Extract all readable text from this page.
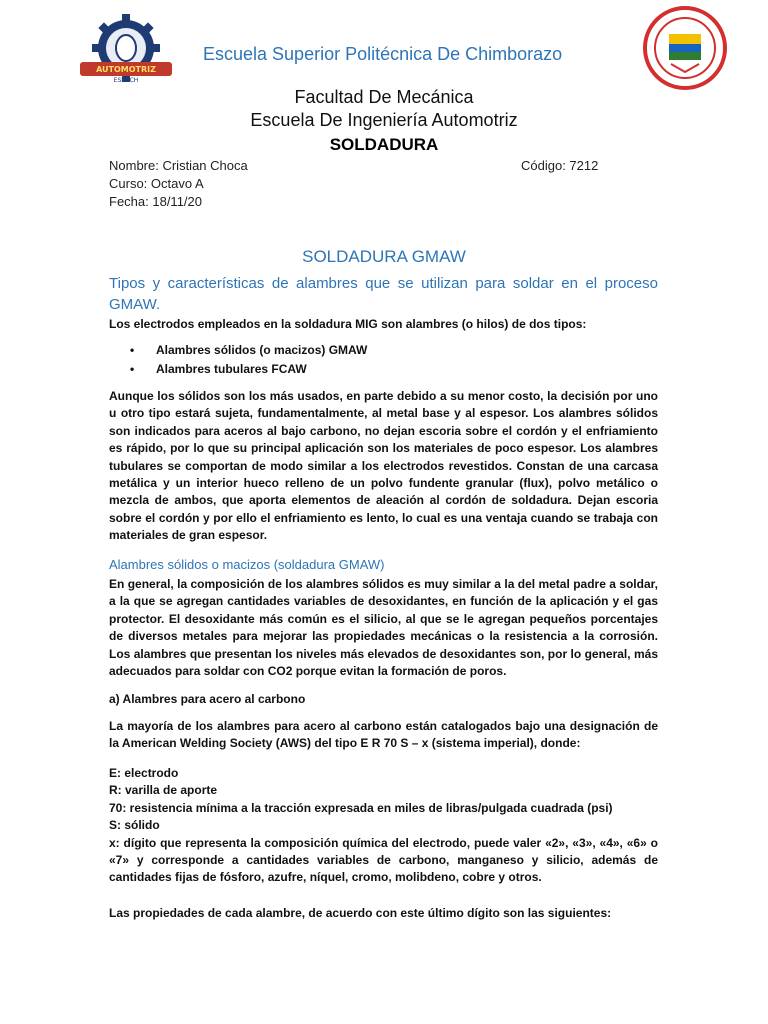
AUTOMOTRIZ
ESPOCH
Escuela Superior Politécnica De Chimborazo
Facultad De Mecánica
Escuela De Ingeniería Automotriz
SOLDADURA
Nombre: Cristian Choca	Código: 7212
Curso: Octavo A
Fecha: 18/11/20
SOLDADURA GMAW
Tipos y características de alambres que se utilizan para soldar en el proceso GMAW.
Los electrodos empleados en la soldadura MIG son alambres (o hilos) de dos tipos:
• Alambres sólidos (o macizos) GMAW
• Alambres tubulares FCAW
Aunque los sólidos son los más usados, en parte debido a su menor costo, la decisión por uno u otro tipo estará sujeta, fundamentalmente, al metal base y al espesor. Los alambres sólidos son indicados para aceros al bajo carbono, no dejan escoria sobre el cordón y el enfriamiento es rápido, por lo que su principal aplicación son los materiales de poco espesor. Los alambres tubulares se comportan de modo similar a los electrodos revestidos. Constan de una carcasa metálica y un interior hueco relleno de un polvo fundente granular (flux), polvo metálico o mezcla de ambos, que aporta elementos de aleación al cordón de soldadura. Dejan escoria sobre el cordón y por ello el enfriamiento es lento, lo cual es una ventaja cuando se trabaja con materiales de gran espesor.
Alambres sólidos o macizos (soldadura GMAW)
En general, la composición de los alambres sólidos es muy similar a la del metal padre a soldar, a la que se agregan cantidades variables de desoxidantes, en función de la aplicación y el gas protector. El desoxidante más común es el silicio, al que se le agregan pequeños porcentajes de diversos metales para mejorar las propiedades mecánicas o la resistencia a la corrosión. Los alambres que presentan los niveles más elevados de desoxidantes son, por lo general, más adecuados para soldar con CO2 porque evitan la formación de poros.
a) Alambres para acero al carbono
La mayoría de los alambres para acero al carbono están catalogados bajo una designación de la American Welding Society (AWS) del tipo E R 70 S – x (sistema imperial), donde:
E: electrodo
R: varilla de aporte
70: resistencia mínima a la tracción expresada en miles de libras/pulgada cuadrada (psi)
S: sólido
x: dígito que representa la composición química del electrodo, puede valer «2», «3», «4», «6» o «7» y corresponde a cantidades variables de carbono, manganeso y silicio, además de cantidades fijas de fósforo, azufre, níquel, cromo, molibdeno, cobre y otros.
Las propiedades de cada alambre, de acuerdo con este último dígito son las siguientes:
